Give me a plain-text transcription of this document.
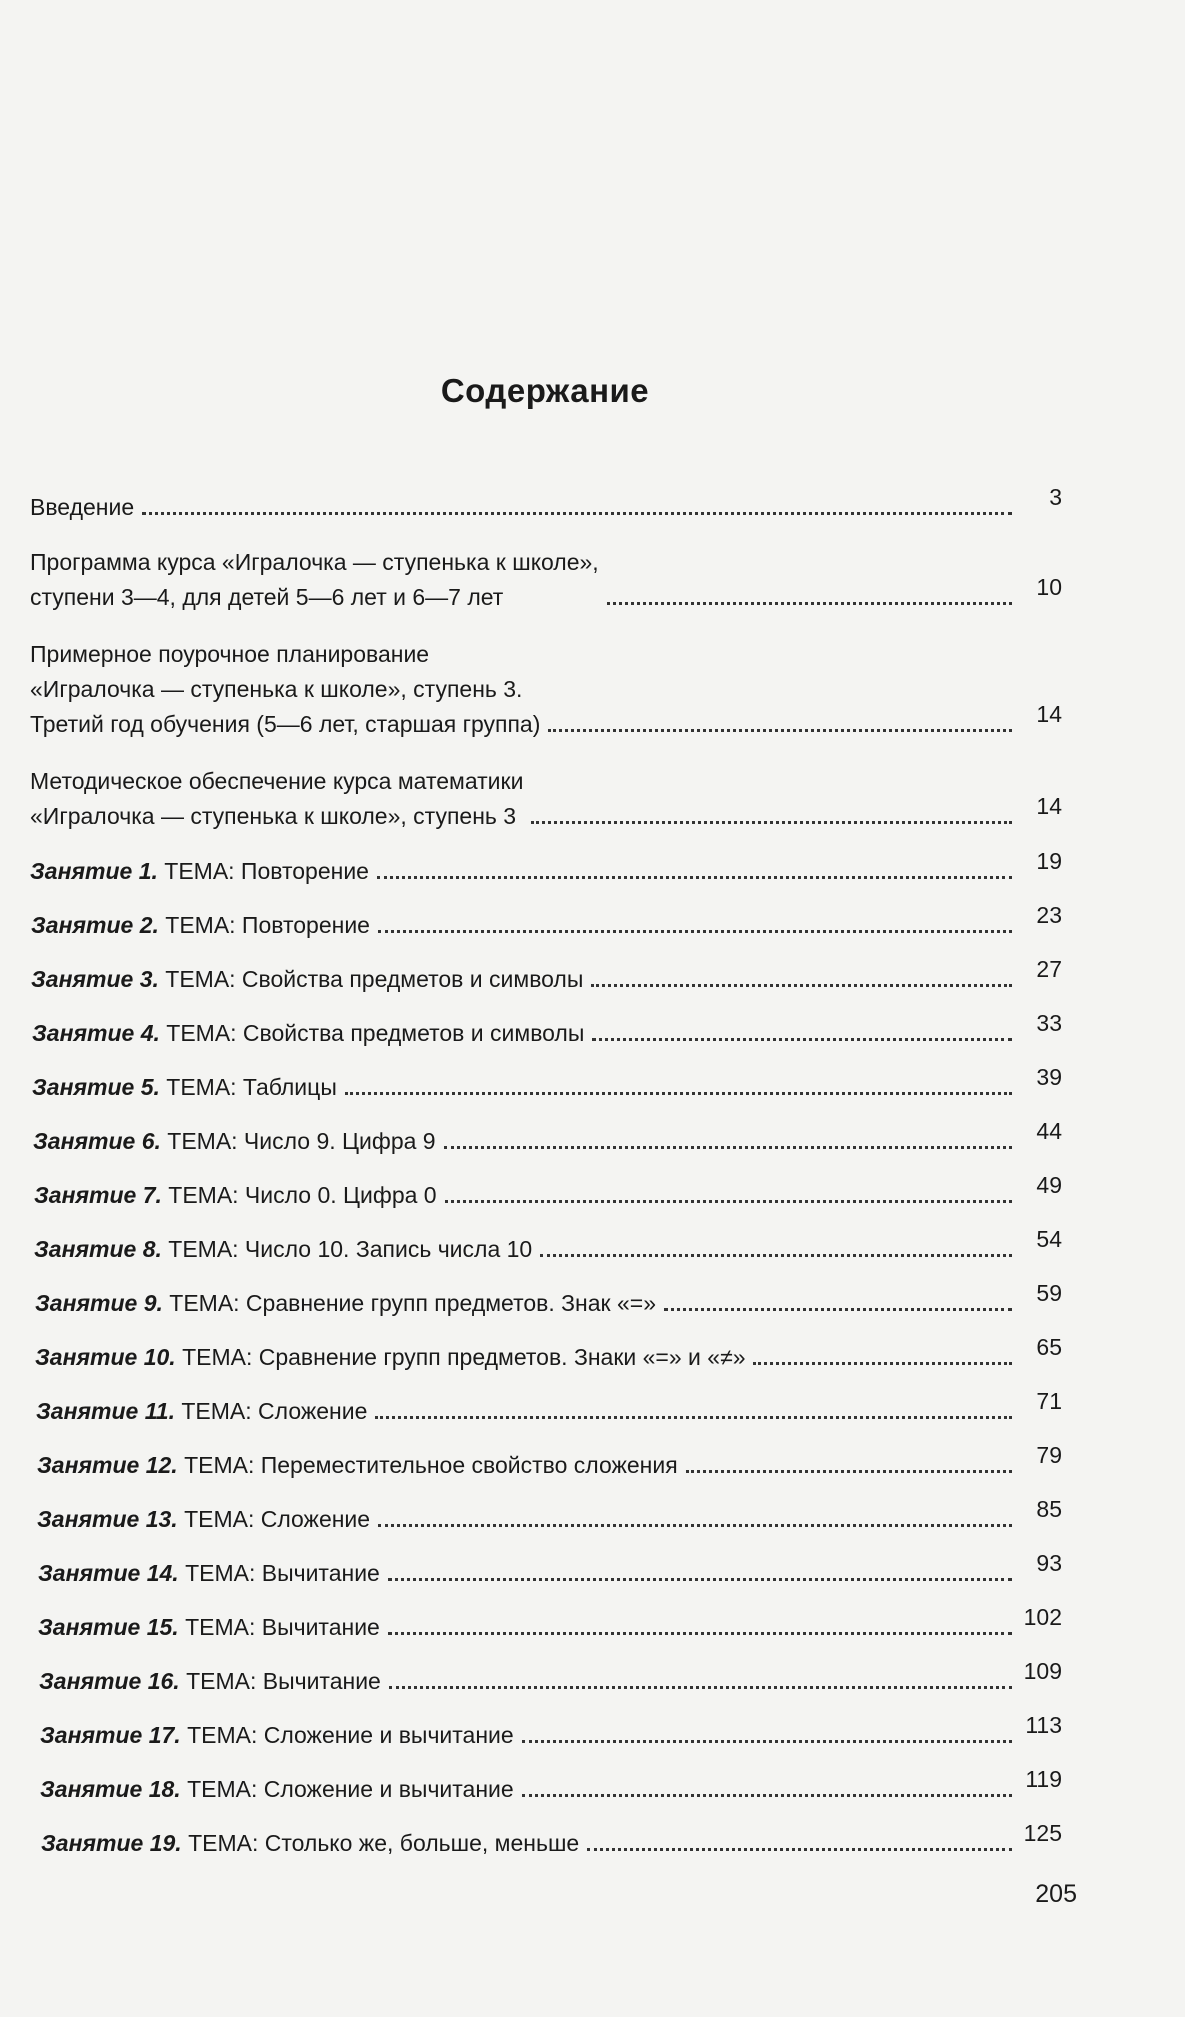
Содержание
Введение	3
Программа курса «Игралочка — ступенька к школе»,
ступени 3—4, для детей 5—6 лет и 6—7 лет	10
Примерное поурочное планирование
«Игралочка — ступенька к школе», ступень 3.
Третий год обучения (5—6 лет, старшая группа)	14
Методическое обеспечение курса математики
«Игралочка — ступенька к школе», ступень 3	14
Занятие 1. ТЕМА: Повторение	19
Занятие 2. ТЕМА: Повторение	23
Занятие 3. ТЕМА: Свойства предметов и символы	27
Занятие 4. ТЕМА: Свойства предметов и символы	33
Занятие 5. ТЕМА: Таблицы	39
Занятие 6. ТЕМА: Число 9. Цифра 9	44
Занятие 7. ТЕМА: Число 0. Цифра 0	49
Занятие 8. ТЕМА: Число 10. Запись числа 10	54
Занятие 9. ТЕМА: Сравнение групп предметов. Знак «=»	59
Занятие 10. ТЕМА: Сравнение групп предметов. Знаки «=» и «≠»	65
Занятие 11. ТЕМА: Сложение	71
Занятие 12. ТЕМА: Переместительное свойство сложения	79
Занятие 13. ТЕМА: Сложение	85
Занятие 14. ТЕМА: Вычитание	93
Занятие 15. ТЕМА: Вычитание	102
Занятие 16. ТЕМА: Вычитание	109
Занятие 17. ТЕМА: Сложение и вычитание	113
Занятие 18. ТЕМА: Сложение и вычитание	119
Занятие 19. ТЕМА: Столько же, больше, меньше	125
205
